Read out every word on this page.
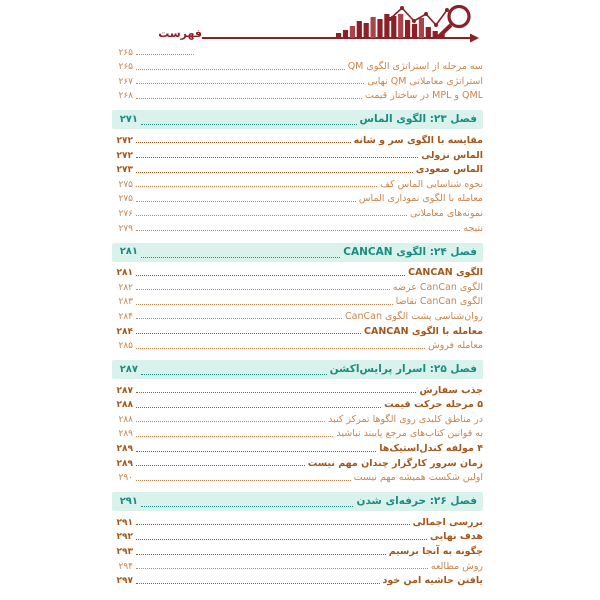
فهرست
۲۶۵
سه مرحله از استراتژی الگوی QM
۲۶۵
استراتژی معاملاتی QM نهایی
۲۶۷
QML و MPL در ساختار قیمت
۲۶۸
فصل ۲۳: الگوی الماس
۲۷۱
مقایسه با الگوی سر و شانه
۲۷۲
الماس نزولی
۲۷۲
الماس صعودی
۲۷۳
نحوه شناسایی الماس کف
۲۷۵
معامله با الگوی نموداری الماس
۲۷۵
نمونه‌های معاملاتی
۲۷۶
نتیجه
۲۷۹
فصل ۲۴: الگوی CANCAN
۲۸۱
الگوی CANCAN
۲۸۱
الگوی CanCan عرضه
۲۸۲
الگوی CanCan تقاضا
۲۸۳
روان‌شناسی پشت الگوی CanCan
۲۸۴
معامله با الگوی CANCAN
۲۸۴
معامله فروش
۲۸۵
فصل ۲۵: اسرار پرایس‌اکشن
۲۸۷
جذب سفارش
۲۸۷
۵ مرحله حرکت قیمت
۲۸۸
در مناطق کلیدی روی الگوها تمرکز کنید
۲۸۸
به قوانین کتاب‌های مرجع پایبند نباشید
۲۸۹
۴ مولفه کندل‌استیک‌ها
۲۸۹
زمان سرور کارگزار چندان مهم نیست
۲۸۹
اولین شکست همیشه مهم نیست
۲۹۰
فصل ۲۶: حرفه‌ای شدن
۲۹۱
بررسی اجمالی
۲۹۱
هدف نهایی
۲۹۲
چگونه به آنجا برسیم
۲۹۳
روش مطالعه
۲۹۴
یافتن حاشیه امن خود
۲۹۷
